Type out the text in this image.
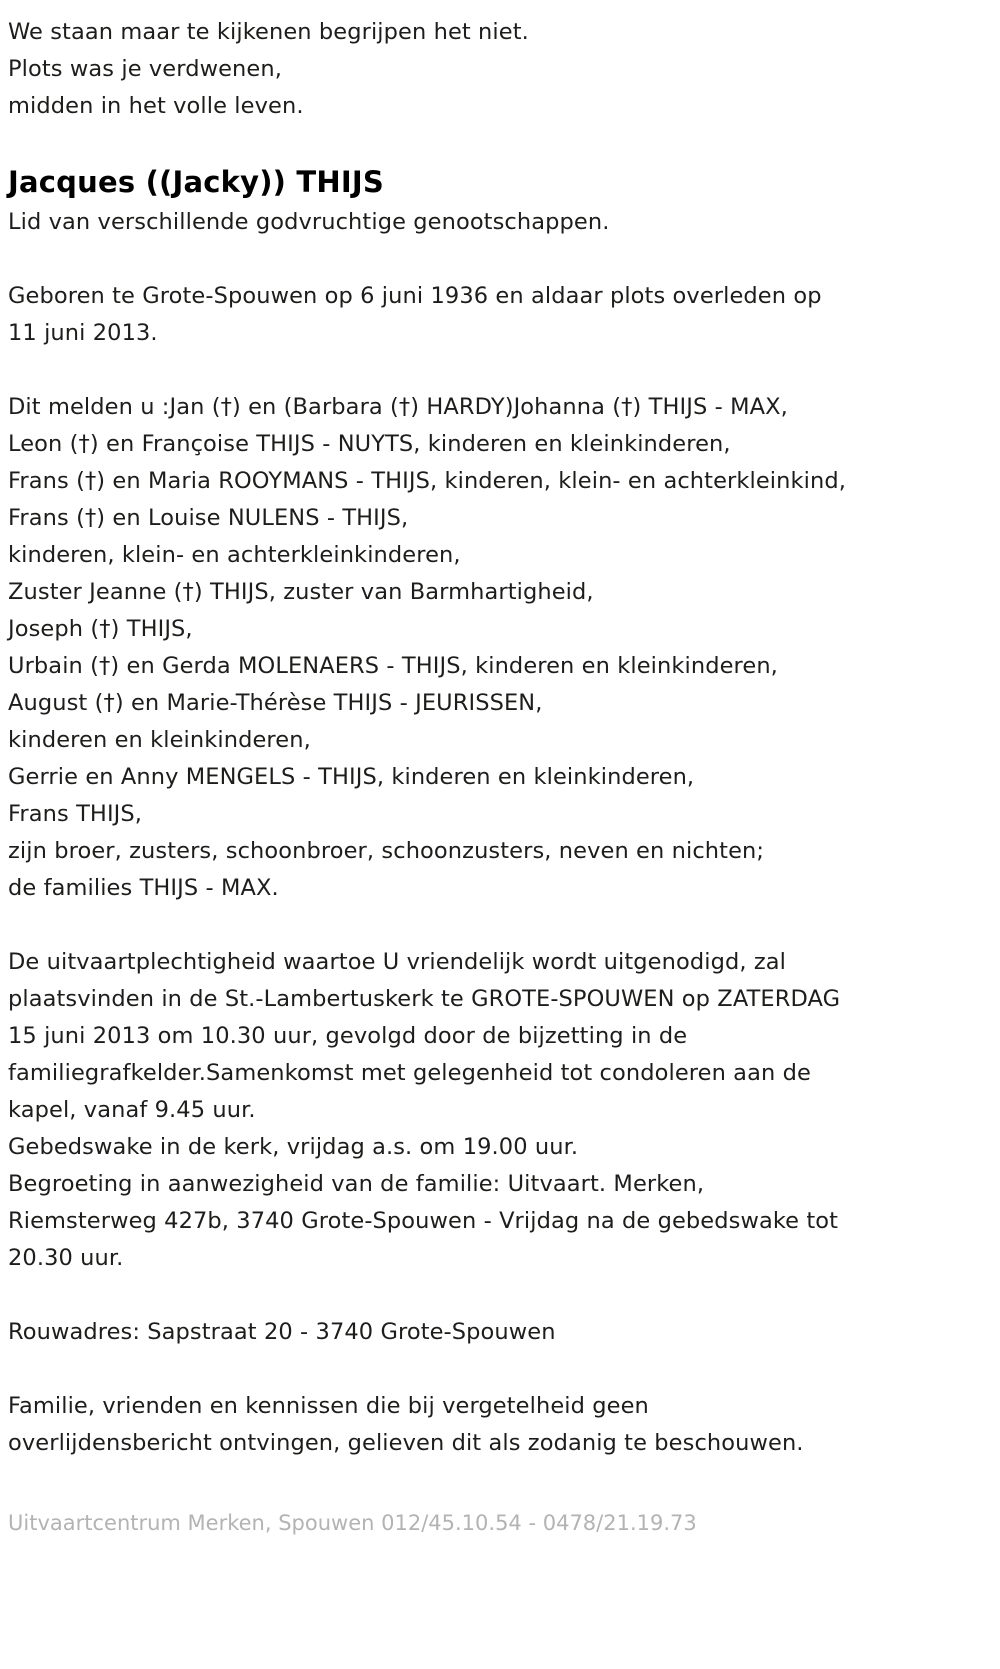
We staan maar te kijkenen begrijpen het niet.

Plots was je verdwenen,

midden in het volle leven.

Jacques ((Jacky)) THIJS

Lid van verschillende godvruchtige genootschappen.

Geboren te Grote-Spouwen op 6 juni 1936 en aldaar plots overleden op

11 juni 2013.

Dit melden u :Jan (†) en (Barbara (†) HARDY)Johanna (†) THIJS - MAX,

Leon (†) en Françoise THIJS - NUYTS, kinderen en kleinkinderen,

Frans (†) en Maria ROOYMANS - THIJS, kinderen, klein- en achterkleinkind,

Frans (†) en Louise NULENS - THIJS,

kinderen, klein- en achterkleinkinderen,

Zuster Jeanne (†) THIJS, zuster van Barmhartigheid,

Joseph (†) THIJS,

Urbain (†) en Gerda MOLENAERS - THIJS, kinderen en kleinkinderen,

August (†) en Marie-Thérèse THIJS - JEURISSEN,

kinderen en kleinkinderen,

Gerrie en Anny MENGELS - THIJS, kinderen en kleinkinderen,

Frans THIJS,

zijn broer, zusters, schoonbroer, schoonzusters, neven en nichten;

de families THIJS - MAX.

De uitvaartplechtigheid waartoe U vriendelijk wordt uitgenodigd, zal

plaatsvinden in de St.-Lambertuskerk te GROTE-SPOUWEN op ZATERDAG

15 juni 2013 om 10.30 uur, gevolgd door de bijzetting in de

familiegrafkelder.Samenkomst met gelegenheid tot condoleren aan de

kapel, vanaf 9.45 uur.

Gebedswake in de kerk, vrijdag a.s. om 19.00 uur.

Begroeting in aanwezigheid van de familie: Uitvaart. Merken,

Riemsterweg 427b, 3740 Grote-Spouwen - Vrijdag na de gebedswake tot

20.30 uur.

Rouwadres: Sapstraat 20 - 3740 Grote-Spouwen

Familie, vrienden en kennissen die bij vergetelheid geen

overlijdensbericht ontvingen, gelieven dit als zodanig te beschouwen.

Uitvaartcentrum Merken, Spouwen 012/45.10.54 - 0478/21.19.73
